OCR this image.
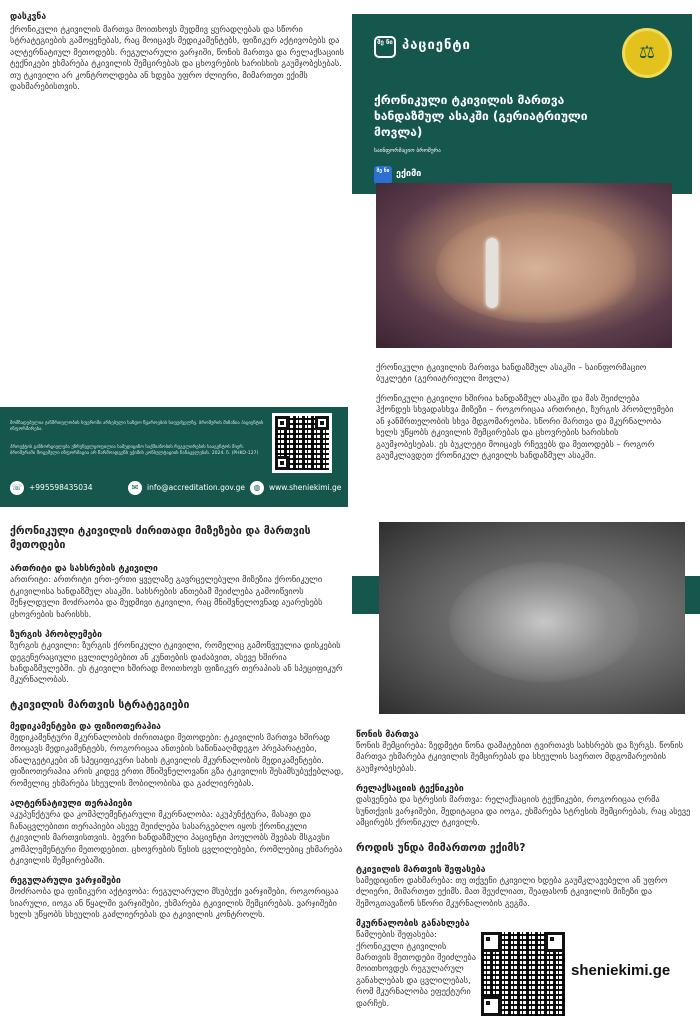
დასკვნა
ქრონიკული ტკივილის მართვა მოითხოვს მუდმივ ყურადღებას და სწორი სტრატეგიების გამოყენებას, რაც მოიცავს მედიკამენტებს, ფიზიკურ აქტივობებს და ალტერნატიულ მეთოდებს. რეგულარული ვარჯიში, წონის მართვა და რელაქსაციის ტექნიკები ეხმარება ტკივილის შემცირებას და ცხოვრების ხარისხის გაუმჯობესებას. თუ ტკივილი არ კონტროლდება ან ხდება უფრო ძლიერი, მიმართეთ ექიმს დახმარებისთვის.
მომზადებულია ჯანმრთელობის სფეროში არსებული სანდო წყაროების საფუძველზე. ბროშურის მიზანია პაციენტის ინფორმირება.
პროექტის განხორციელება უზრუნველყოფილია სამედიცინო საქმიანობის რეგულირების სააგენტოს მიერ. ბროშურაში მოცემული ინფორმაცია არ წარმოადგენს ექიმის კონსულტაციის ჩანაცვლებას. 2024. ჩ. (PHKO-127)
☏ +995598435034	✉ info@accreditation.gov.ge	◍ www.sheniekimi.ge
შე ნი პაციენტი	⚖
ქრონიკული ტკივილის მართვა ხანდაზმულ ასაკში (გერიატრიული მოვლა)
საინფორმაციო ბროშურა
შე ნი ექიმი
ქრონიკული ტკივილის მართვა ხანდაზმულ ასაკში – საინფორმაციო ბუკლეტი (გერიატრიული მოვლა)
ქრონიკული ტკივილი ხშირია ხანდაზმულ ასაკში და მას შეიძლება ჰქონდეს სხვადასხვა მიზეზი – როგორიცაა ართრიტი, ზურგის პრობლემები ან ჯანმრთელობის სხვა მდგომარეობა. სწორი მართვა და მკურნალობა ხელს უწყობს ტკივილის შემცირებას და ცხოვრების ხარისხის გაუმჯობესებას. ეს ბუკლეტი მოიცავს რჩევებს და მეთოდებს – როგორ გაუმკლავდეთ ქრონიკულ ტკივილს ხანდაზმულ ასაკში.
ქრონიკული ტკივილის ძირითადი მიზეზები და მართვის მეთოდები
ართრიტი და სახსრების ტკივილი
ართრიტი: ართრიტი ერთ-ერთი ყველაზე გავრცელებული მიზეზია ქრონიკული ტკივილისა ხანდაზმულ ასაკში. სახსრების ანთებამ შეიძლება გამოიწვიოს მენჯლდული მოძრაობა და მუდმივი ტკივილი, რაც მნიშვნელოვნად აუარესებს ცხოვრების ხარისხს.
ზურგის პრობლემები
ზურგის ტკივილი: ზურგის ქრონიკული ტკივილი, რომელიც გამოწვეულია დისკების დეგენერაციული ცვლილებებით ან კუნთების დაძაბვით, ასევე ხშირია ხანდაზმულებში. ეს ტკივილი ხშირად მოითხოვს ფიზიკურ თერაპიას ან სპეციფიკურ მკურნალობას.
ტკივილის მართვის სტრატეგიები
მედიკამენტები და ფიზიოთერაპია
მედიკამენტური მკურნალობის ძირითადი მეთოდები: ტკივილის მართვა ხშირად მოიცავს მედიკამენტებს, როგორიცაა ანთების საწინააღმდეგო პრეპარატები, ანალგეტიკები ან სპეციფიკური სახის ტკივილის მკურნალობის მედიკამენტები. ფიზიოთერაპია არის კიდევ ერთი მნიშვნელოვანი გზა ტკივილის შესამსუბუქებლად, რომელიც ეხმარება სხეულის მობილობისა და გაძლიერებას.
ალტერნატიული თერაპიები
აკუპუნქტურა და კომპლემენტარული მკურნალობა: აკუპუნქტურა, მასაჟი და ჩანაცვლებითი თერაპიები ასევე შეიძლება სასარგებლო იყოს ქრონიკული ტკივილის მართვისთვის. ბევრი ხანდაზმული პაციენტი პოულობს შვებას მსგავსი კომპლემენტური მეთოდებით. ცხოვრების წესის ცვლილებები, რომლებიც ეხმარება ტკივილის შემცირებაში.
რეგულარული ვარჯიშები
მოძრაობა და ფიზიკური აქტივობა: რეგულარული მსუბუქი ვარჯიშები, როგორიცაა სიარული, იოგა ან წყალში ვარჯიშები, ეხმარება ტკივილის შემცირებას. ვარჯიშები ხელს უწყობს სხეულის გაძლიერებას და ტკივილის კონტროლს.
წონის მართვა
წონის შემცირება: ზედმეტი წონა დამატებით ტვირთავს სახსრებს და ზურგს. წონის მართვა ეხმარება ტკივილის შემცირებას და სხეულის საერთო მდგომარეობის გაუმჯობესებას.
რელაქსაციის ტექნიკები
დასვენება და სტრესის მართვა: რელაქსაციის ტექნიკები, როგორიცაა ღრმა სუნთქვის ვარჯიშები, მედიტაცია და იოგა, ეხმარება სტრესის შემცირებას, რაც ასევე ამცირებს ქრონიკულ ტკივილს.
როდის უნდა მიმართოთ ექიმს?
ტკივილის მართვის შეფასება
სამედიცინო დახმარება: თუ თქვენი ტკივილი ხდება გაუმკლავებელი ან უფრო ძლიერი, მიმართეთ ექიმს. მათ შეუძლიათ, შეაფასონ ტკივილის მიზეზი და შემოგთავაზონ სწორი მკურნალობის გეგმა.
მკურნალობის განახლება
წამლების შეფასება: ქრონიკული ტკივილის მართვის მეთოდები შეიძლება მოითხოვდეს რეგულარულ განახლებას და ცვლილებას, რომ მკურნალობა ეფექტური დარჩეს.
sheniekimi.ge
